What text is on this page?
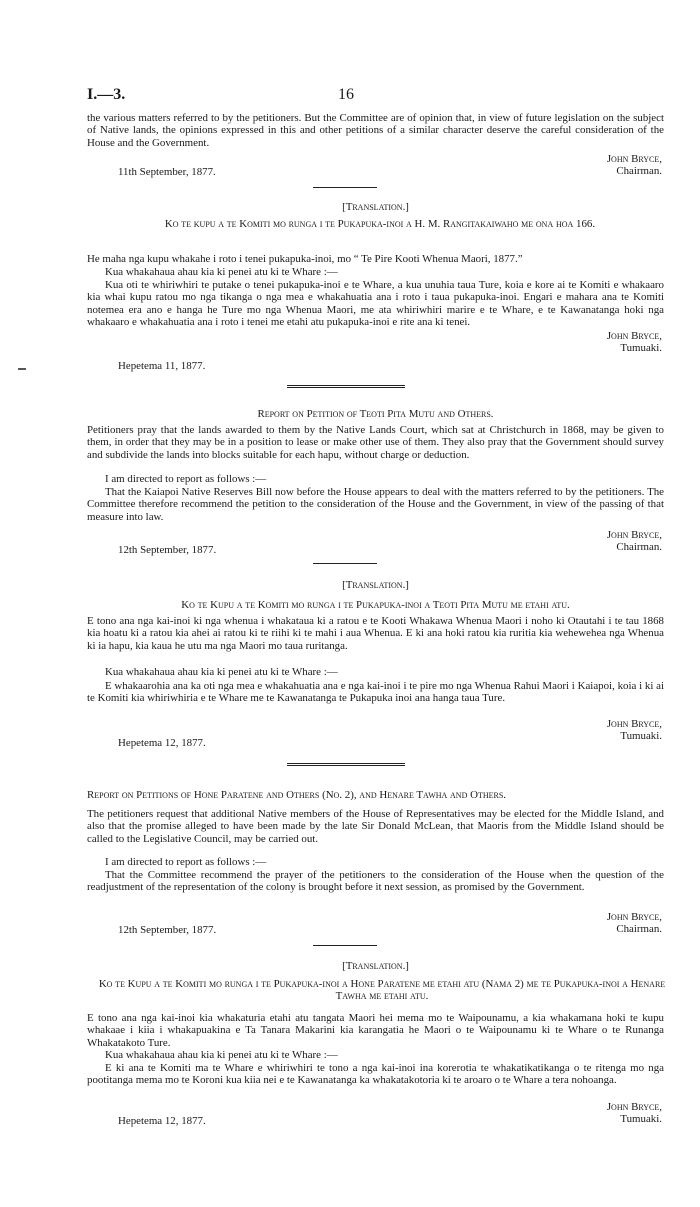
I.—3.	16

the various matters referred to by the petitioners. But the Committee are of opinion that, in view of future legislation on the subject of Native lands, the opinions expressed in this and other petitions of a similar character deserve the careful consideration of the House and the Government.

John Bryce,
Chairman.
11th September, 1877.
[Translation.]
Ko te kupu a te Komiti mo runga i te Pukapuka-inoi a H. M. Rangitakaiwaho me ona hoa 166.

He maha nga kupu whakahe i roto i tenei pukapuka-inoi, mo “ Te Pire Kooti Whenua Maori, 1877.”

Kua whakahaua ahau kia ki penei atu ki te Whare :—

Kua oti te whiriwhiri te putake o tenei pukapuka-inoi e te Whare, a kua unuhia taua Ture, koia e kore ai te Komiti e whakaaro kia whai kupu ratou mo nga tikanga o nga mea e whakahuatia ana i roto i taua pukapuka-inoi. Engari e mahara ana te Komiti notemea era ano e hanga he Ture mo nga Whenua Maori, me ata whiriwhiri marire e te Whare, e te Kawanatanga hoki nga whakaaro e whakahuatia ana i roto i tenei me etahi atu pukapuka-inoi e rite ana ki tenei.

John Bryce,
Tumuaki.
Hepetema 11, 1877.
Report on Petition of Teoti Pita Mutu and Others.

Petitioners pray that the lands awarded to them by the Native Lands Court, which sat at Christchurch in 1868, may be given to them, in order that they may be in a position to lease or make other use of them. They also pray that the Government should survey and subdivide the lands into blocks suitable for each hapu, without charge or deduction.

I am directed to report as follows :—

That the Kaiapoi Native Reserves Bill now before the House appears to deal with the matters referred to by the petitioners. The Committee therefore recommend the petition to the consideration of the House and the Government, in view of the passing of that measure into law.

John Bryce,
Chairman.
12th September, 1877.
[Translation.]
Ko te Kupu a te Komiti mo runga i te Pukapuka-inoi a Teoti Pita Mutu me etahi atu.

E tono ana nga kai-inoi ki nga whenua i whakataua ki a ratou e te Kooti Whakawa Whenua Maori i noho ki Otautahi i te tau 1868 kia hoatu ki a ratou kia ahei ai ratou ki te riihi ki te mahi i aua Whenua. E ki ana hoki ratou kia ruritia kia wehewehea nga Whenua ki ia hapu, kia kaua he utu ma nga Maori mo taua ruritanga.

Kua whakahaua ahau kia ki penei atu ki te Whare :—

E whakaarohia ana ka oti nga mea e whakahuatia ana e nga kai-inoi i te pire mo nga Whenua Rahui Maori i Kaiapoi, koia i ki ai te Komiti kia whiriwhiria e te Whare me te Kawanatanga te Pukapuka inoi ana hanga taua Ture.

John Bryce,
Tumuaki.
Hepetema 12, 1877.
Report on Petitions of Hone Paratene and Others (No. 2), and Henare Tawha and Others.

The petitioners request that additional Native members of the House of Representatives may be elected for the Middle Island, and also that the promise alleged to have been made by the late Sir Donald McLean, that Maoris from the Middle Island should be called to the Legislative Council, may be carried out.

I am directed to report as follows :—

That the Committee recommend the prayer of the petitioners to the consideration of the House when the question of the readjustment of the representation of the colony is brought before it next session, as promised by the Government.

John Bryce,
Chairman.
12th September, 1877.
[Translation.]
Ko te Kupu a te Komiti mo runga i te Pukapuka-inoi a Hone Paratene me etahi atu (Nama 2) me te Pukapuka-inoi a Henare Tawha me etahi atu.

E tono ana nga kai-inoi kia whakaturia etahi atu tangata Maori hei mema mo te Waipounamu, a kia whakamana hoki te kupu whakaae i kiia i whakapuakina e Ta Tanara Makarini kia karangatia he Maori o te Waipounamu ki te Whare o te Runanga Whakatakoto Ture.

Kua whakahaua ahau kia ki penei atu ki te Whare :—

E ki ana te Komiti ma te Whare e whiriwhiri te tono a nga kai-inoi ina korerotia te whakatikatikanga o te ritenga mo nga pootitanga mema mo te Koroni kua kiia nei e te Kawanatanga ka whakatakotoria ki te aroaro o te Whare a tera nohoanga.

John Bryce,
Tumuaki.
Hepetema 12, 1877.
